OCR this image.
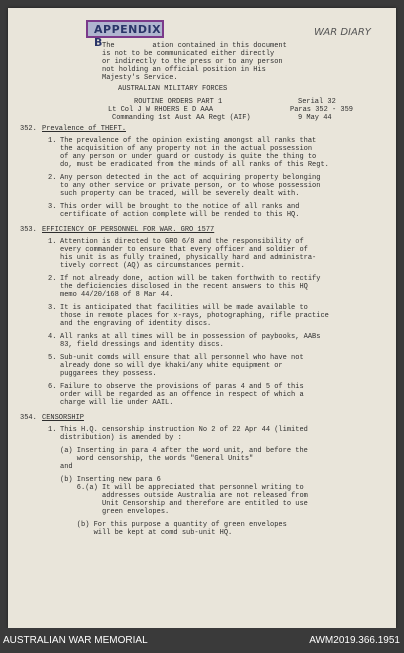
APPENDIX B
WAR DIARY
The         ation contained in this document
is not to be communicated either directly
or indirectly to the press or to any person
not holding an official position in His
Majesty's Service.
AUSTRALIAN MILITARY FORCES
ROUTINE ORDERS PART 1	Serial 32
Paras 352 - 359
Lt Col J W RHOERS E D AAA
Commanding 1st Aust AA Regt (AIF)	9 May 44
352. Prevalence of THEFT.
1. The prevalence of the opinion existing amongst all ranks that
the acquisition of any property not in the actual possession
of any person or under guard or custody is quite the thing to
do, must be eradicated from the minds of all ranks of this Regt.
2. Any person detected in the act of acquiring property belonging
to any other service or private person, or to whose possession
such property can be traced, will be severely dealt with.
3. This order will be brought to the notice of all ranks and
certificate of action complete will be rended to this HQ.
353. EFFICIENCY OF PERSONNEL FOR WAR. GRO 1577
1. Attention is directed to GRO 6/8 and the responsibility of
every commander to ensure that every officer and soldier of
his unit is as fully trained, physically hard and administra-
tively correct (AQ) as circumstances permit.
2. If not already done, action will be taken forthwith to rectify
the deficiencies disclosed in the recent answers to this HQ
memo 44/20/168 of 8 Mar 44.
3. It is anticipated that facilities will be made available to
those in remote places for x-rays, photographing, rifle practice
and the engraving of identity discs.
4. All ranks at all times will be in possession of paybooks, AABs
83, field dressings and identity discs.
5. Sub-unit comds will ensure that all personnel who have not
already done so will dye khaki/any white equipment or
puggarees they possess.
6. Failure to observe the provisions of paras 4 and 5 of this
order will be regarded as an offence in respect of which a
charge will lie under AAIL.
354. CENSORSHIP
1. This H.Q. censorship instruction No 2 of 22 Apr 44 (limited
distribution) is amended by :
(a) Inserting in para 4 after the word unit, and before the
word censorship, the words "General Units"
and
(b) Inserting new para 6
6.(a) It will be appreciated that personnel writing to
addresses outside Australia are not released from
Unit Censorship and therefore are entitled to use
green envelopes.
(b) For this purpose a quantity of green envelopes
will be kept at comd sub-unit HQ.
AUSTRALIAN WAR MEMORIAL	AWM2019.366.1951
